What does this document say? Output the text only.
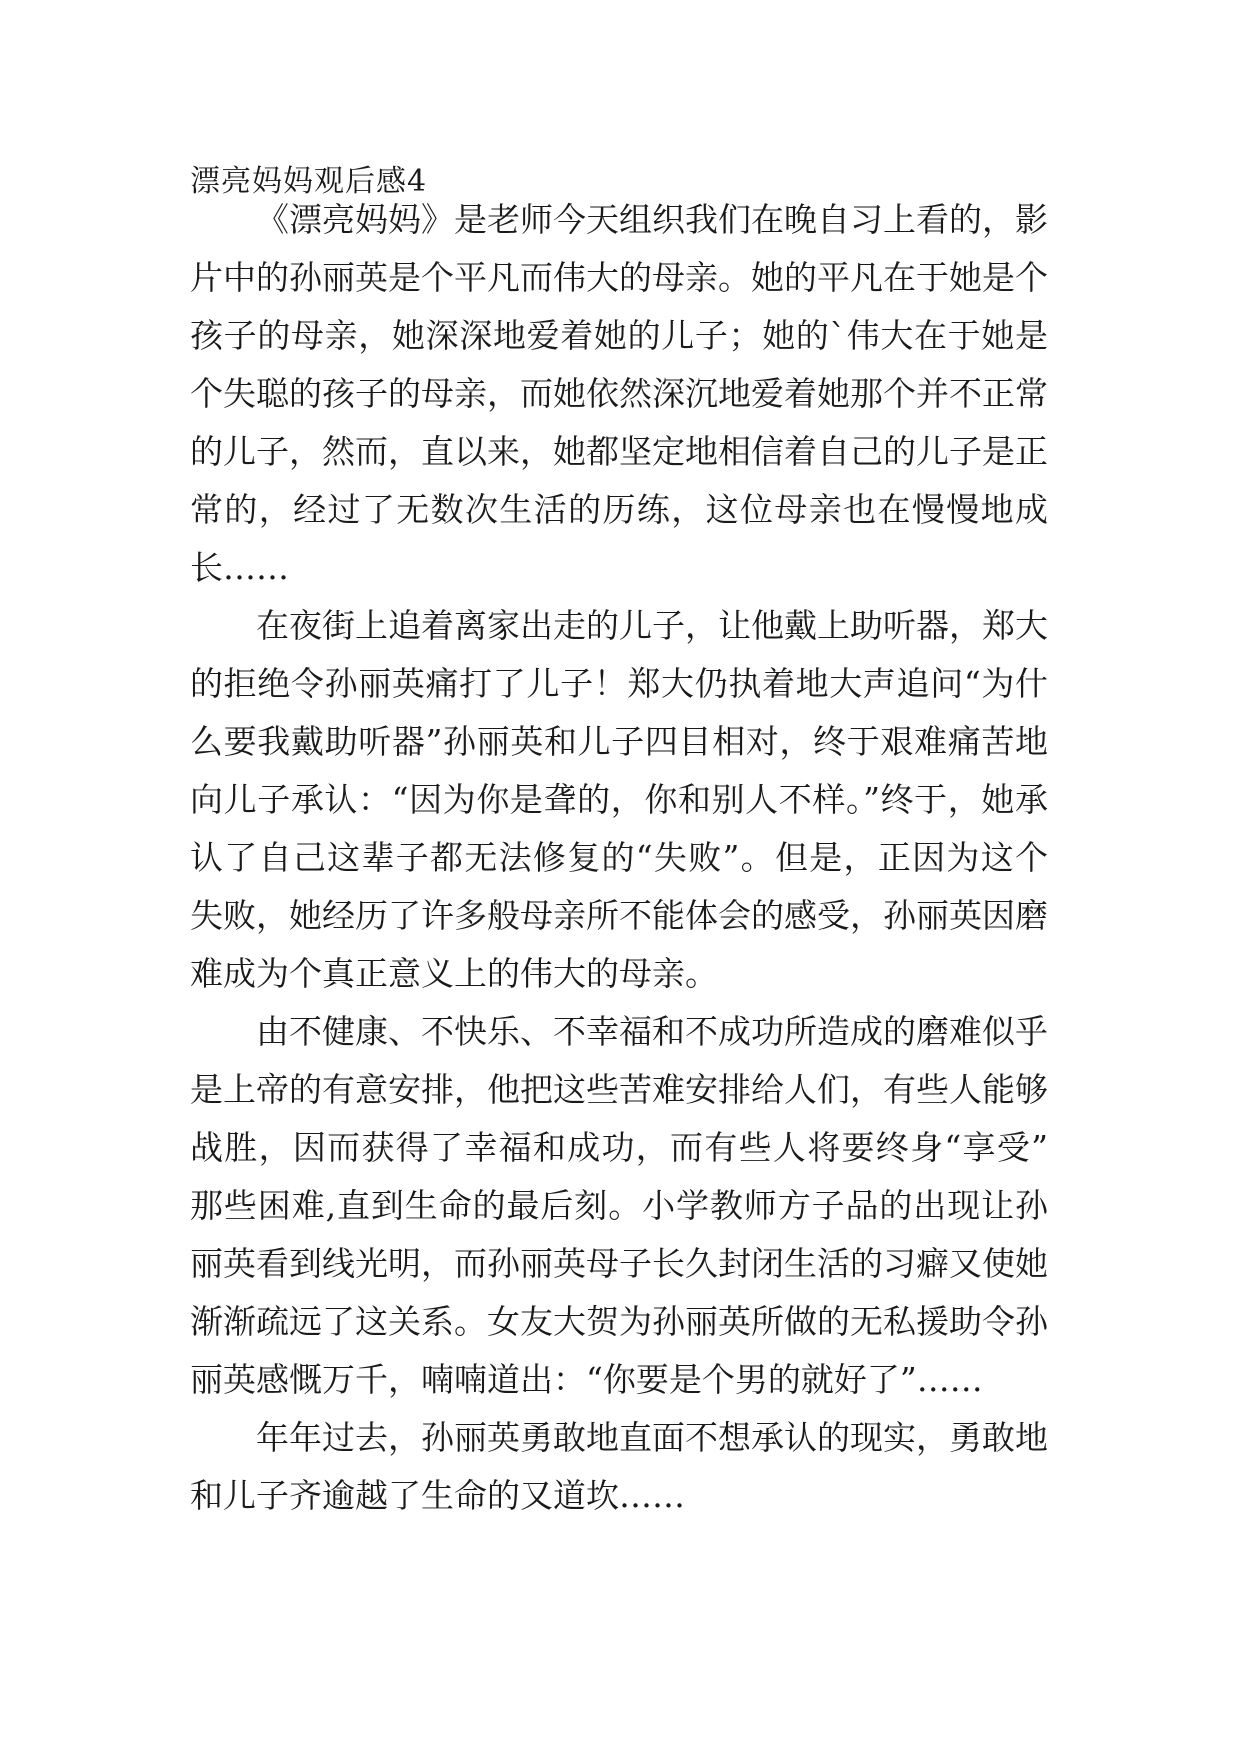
漂亮妈妈观后感4
《漂亮妈妈》是老师今天组织我们在晚自习上看的，影
片中的孙丽英是个平凡而伟大的母亲。她的平凡在于她是个
孩子的母亲，她深深地爱着她的儿子；她的`伟大在于她是
个失聪的孩子的母亲，而她依然深沉地爱着她那个并不正常
的儿子，然而，直以来，她都坚定地相信着自己的儿子是正
常的，经过了无数次生活的历练，这位母亲也在慢慢地成
长……
在夜街上追着离家出走的儿子，让他戴上助听器，郑大
的拒绝令孙丽英痛打了儿子！郑大仍执着地大声追问“为什
么要我戴助听器”孙丽英和儿子四目相对，终于艰难痛苦地
向儿子承认：“因为你是聋的，你和别人不样。”终于，她承
认了自己这辈子都无法修复的“失败”。但是，正因为这个
失败，她经历了许多般母亲所不能体会的感受，孙丽英因磨
难成为个真正意义上的伟大的母亲。
由不健康、不快乐、不幸福和不成功所造成的磨难似乎
是上帝的有意安排，他把这些苦难安排给人们，有些人能够
战胜，因而获得了幸福和成功，而有些人将要终身“享受”
那些困难,直到生命的最后刻。小学教师方子品的出现让孙
丽英看到线光明，而孙丽英母子长久封闭生活的习癖又使她
渐渐疏远了这关系。女友大贺为孙丽英所做的无私援助令孙
丽英感慨万千，喃喃道出：“你要是个男的就好了”……
年年过去，孙丽英勇敢地直面不想承认的现实，勇敢地
和儿子齐逾越了生命的又道坎……
